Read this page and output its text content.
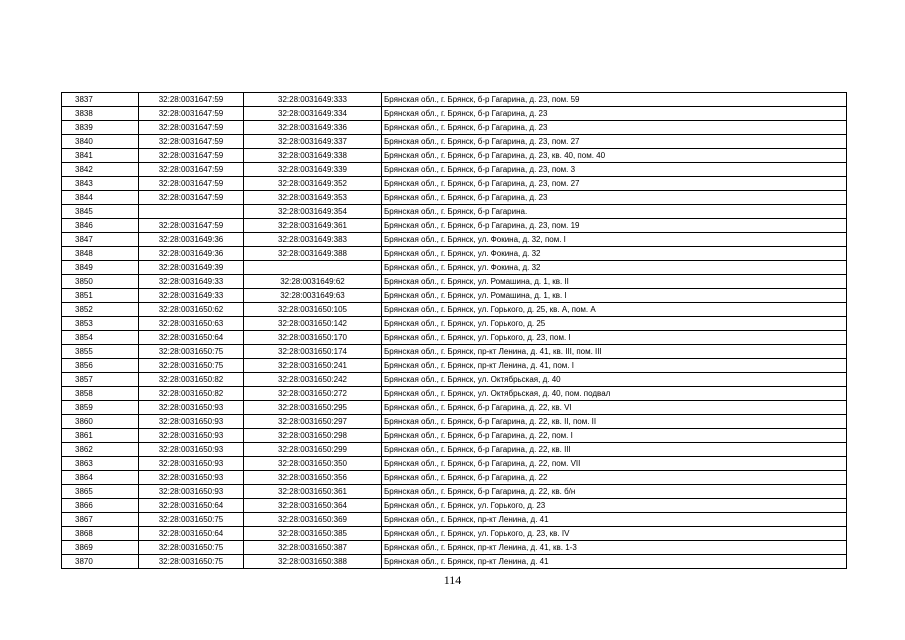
3837	32:28:0031647:59	32:28:0031649:333	Брянская обл., г. Брянск, б-р Гагарина, д. 23, пом. 59
3838	32:28:0031647:59	32:28:0031649:334	Брянская обл., г. Брянск, б-р Гагарина, д. 23
3839	32:28:0031647:59	32:28:0031649:336	Брянская обл., г. Брянск, б-р Гагарина, д. 23
3840	32:28:0031647:59	32:28:0031649:337	Брянская обл., г. Брянск, б-р Гагарина, д. 23, пом. 27
3841	32:28:0031647:59	32:28:0031649:338	Брянская обл., г. Брянск, б-р Гагарина, д. 23, кв. 40, пом. 40
3842	32:28:0031647:59	32:28:0031649:339	Брянская обл., г. Брянск, б-р Гагарина, д. 23, пом. 3
3843	32:28:0031647:59	32:28:0031649:352	Брянская обл., г. Брянск, б-р Гагарина, д. 23, пом. 27
3844	32:28:0031647:59	32:28:0031649:353	Брянская обл., г. Брянск, б-р Гагарина, д. 23
3845		32:28:0031649:354	Брянская обл., г. Брянск, б-р Гагарина.
3846	32:28:0031647:59	32:28:0031649:361	Брянская обл., г. Брянск, б-р Гагарина, д. 23, пом. 19
3847	32:28:0031649:36	32:28:0031649:383	Брянская обл., г. Брянск, ул. Фокина, д. 32, пом. I
3848	32:28:0031649:36	32:28:0031649:388	Брянская обл., г. Брянск, ул. Фокина, д. 32
3849	32:28:0031649:39		Брянская обл., г. Брянск, ул. Фокина, д. 32
3850	32:28:0031649:33	32:28:0031649:62	Брянская обл., г. Брянск, ул. Ромашина, д. 1, кв. II
3851	32:28:0031649:33	32:28:0031649:63	Брянская обл., г. Брянск, ул. Ромашина, д. 1, кв. I
3852	32:28:0031650:62	32:28:0031650:105	Брянская обл., г. Брянск, ул. Горького, д. 25, кв. А, пом. А
3853	32:28:0031650:63	32:28:0031650:142	Брянская обл., г. Брянск, ул. Горького, д. 25
3854	32:28:0031650:64	32:28:0031650:170	Брянская обл., г. Брянск, ул. Горького, д. 23, пом. I
3855	32:28:0031650:75	32:28:0031650:174	Брянская обл., г. Брянск, пр-кт Ленина, д. 41, кв. III, пом. III
3856	32:28:0031650:75	32:28:0031650:241	Брянская обл., г. Брянск, пр-кт Ленина, д. 41, пом. I
3857	32:28:0031650:82	32:28:0031650:242	Брянская обл., г. Брянск, ул. Октябрьская, д. 40
3858	32:28:0031650:82	32:28:0031650:272	Брянская обл., г. Брянск, ул. Октябрьская, д. 40, пом. подвал
3859	32:28:0031650:93	32:28:0031650:295	Брянская обл., г. Брянск, б-р Гагарина, д. 22, кв. VI
3860	32:28:0031650:93	32:28:0031650:297	Брянская обл., г. Брянск, б-р Гагарина, д. 22, кв. II, пом. II
3861	32:28:0031650:93	32:28:0031650:298	Брянская обл., г. Брянск, б-р Гагарина, д. 22, пом. I
3862	32:28:0031650:93	32:28:0031650:299	Брянская обл., г. Брянск, б-р Гагарина, д. 22, кв. III
3863	32:28:0031650:93	32:28:0031650:350	Брянская обл., г. Брянск, б-р Гагарина, д. 22, пом. VII
3864	32:28:0031650:93	32:28:0031650:356	Брянская обл., г. Брянск, б-р Гагарина, д. 22
3865	32:28:0031650:93	32:28:0031650:361	Брянская обл., г. Брянск, б-р Гагарина, д. 22, кв. б/н
3866	32:28:0031650:64	32:28:0031650:364	Брянская обл., г. Брянск, ул. Горького, д. 23
3867	32:28:0031650:75	32:28:0031650:369	Брянская обл., г. Брянск, пр-кт Ленина, д. 41
3868	32:28:0031650:64	32:28:0031650:385	Брянская обл., г. Брянск, ул. Горького, д. 23, кв. IV
3869	32:28:0031650:75	32:28:0031650:387	Брянская обл., г. Брянск, пр-кт Ленина, д. 41, кв. 1-3
3870	32:28:0031650:75	32:28:0031650:388	Брянская обл., г. Брянск, пр-кт Ленина, д. 41
114
